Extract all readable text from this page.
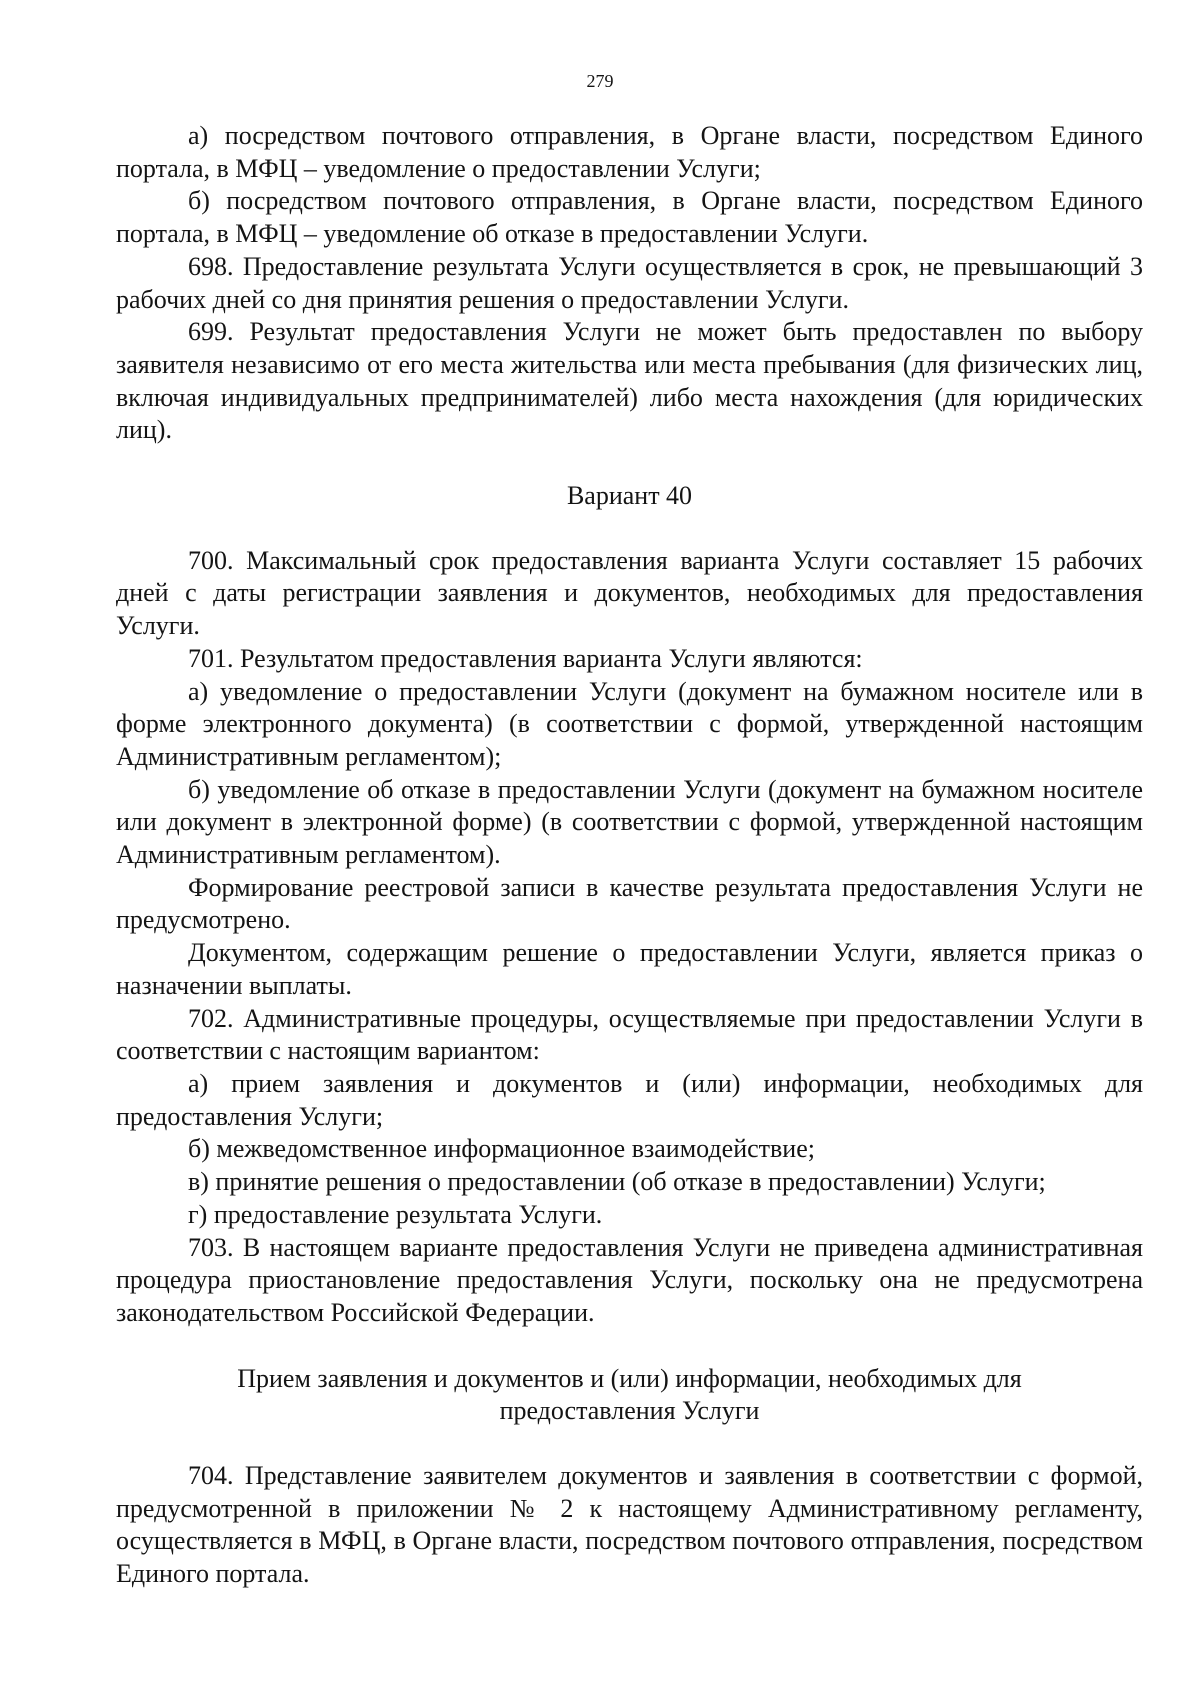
279

а) посредством почтового отправления, в Органе власти, посредством Единого портала, в МФЦ – уведомление о предоставлении Услуги;

б) посредством почтового отправления, в Органе власти, посредством Единого портала, в МФЦ – уведомление об отказе в предоставлении Услуги.

698. Предоставление результата Услуги осуществляется в срок, не превышающий 3 рабочих дней со дня принятия решения о предоставлении Услуги.

699. Результат предоставления Услуги не может быть предоставлен по выбору заявителя независимо от его места жительства или места пребывания (для физических лиц, включая индивидуальных предпринимателей) либо места нахождения (для юридических лиц).

Вариант 40

700. Максимальный срок предоставления варианта Услуги составляет 15 рабочих дней с даты регистрации заявления и документов, необходимых для предоставления Услуги.

701. Результатом предоставления варианта Услуги являются:

а) уведомление о предоставлении Услуги (документ на бумажном носителе или в форме электронного документа) (в соответствии с формой, утвержденной настоящим Административным регламентом);

б) уведомление об отказе в предоставлении Услуги (документ на бумажном носителе или документ в электронной форме) (в соответствии с формой, утвержденной настоящим Административным регламентом).

Формирование реестровой записи в качестве результата предоставления Услуги не предусмотрено.

Документом, содержащим решение о предоставлении Услуги, является приказ о назначении выплаты.

702. Административные процедуры, осуществляемые при предоставлении Услуги в соответствии с настоящим вариантом:

а) прием заявления и документов и (или) информации, необходимых для предоставления Услуги;

б) межведомственное информационное взаимодействие;

в) принятие решения о предоставлении (об отказе в предоставлении) Услуги;

г) предоставление результата Услуги.

703. В настоящем варианте предоставления Услуги не приведена административная процедура приостановление предоставления Услуги, поскольку она не предусмотрена законодательством Российской Федерации.

Прием заявления и документов и (или) информации, необходимых для предоставления Услуги

704. Представление заявителем документов и заявления в соответствии с формой, предусмотренной в приложении № 2 к настоящему Административному регламенту, осуществляется в МФЦ, в Органе власти, посредством почтового отправления, посредством Единого портала.
